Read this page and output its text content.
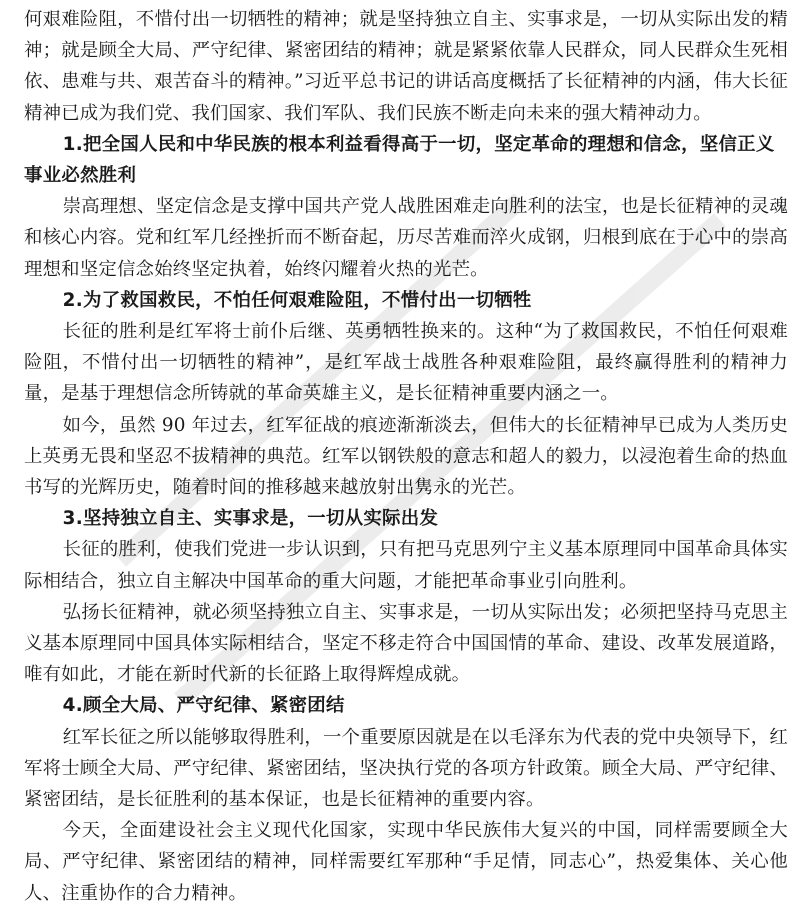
何艰难险阻，不惜付出一切牺牲的精神；就是坚持独立自主、实事求是，一切从实际出发的精神；就是顾全大局、严守纪律、紧密团结的精神；就是紧紧依靠人民群众，同人民群众生死相依、患难与共、艰苦奋斗的精神。”习近平总书记的讲话高度概括了长征精神的内涵，伟大长征精神已成为我们党、我们国家、我们军队、我们民族不断走向未来的强大精神动力。

1.把全国人民和中华民族的根本利益看得高于一切，坚定革命的理想和信念，坚信正义事业必然胜利

崇高理想、坚定信念是支撑中国共产党人战胜困难走向胜利的法宝，也是长征精神的灵魂和核心内容。党和红军几经挫折而不断奋起，历尽苦难而淬火成钢，归根到底在于心中的崇高理想和坚定信念始终坚定执着，始终闪耀着火热的光芒。

2.为了救国救民，不怕任何艰难险阻，不惜付出一切牺牲

长征的胜利是红军将士前仆后继、英勇牺牲换来的。这种“为了救国救民，不怕任何艰难险阻，不惜付出一切牺牲的精神”，是红军战士战胜各种艰难险阻，最终赢得胜利的精神力量，是基于理想信念所铸就的革命英雄主义，是长征精神重要内涵之一。

如今，虽然 90 年过去，红军征战的痕迹渐渐淡去，但伟大的长征精神早已成为人类历史上英勇无畏和坚忍不拔精神的典范。红军以钢铁般的意志和超人的毅力，以浸泡着生命的热血书写的光辉历史，随着时间的推移越来越放射出隽永的光芒。

3.坚持独立自主、实事求是，一切从实际出发

长征的胜利，使我们党进一步认识到，只有把马克思列宁主义基本原理同中国革命具体实际相结合，独立自主解决中国革命的重大问题，才能把革命事业引向胜利。

弘扬长征精神，就必须坚持独立自主、实事求是，一切从实际出发；必须把坚持马克思主义基本原理同中国具体实际相结合，坚定不移走符合中国国情的革命、建设、改革发展道路，唯有如此，才能在新时代新的长征路上取得辉煌成就。

4.顾全大局、严守纪律、紧密团结

红军长征之所以能够取得胜利，一个重要原因就是在以毛泽东为代表的党中央领导下，红军将士顾全大局、严守纪律、紧密团结，坚决执行党的各项方针政策。顾全大局、严守纪律、紧密团结，是长征胜利的基本保证，也是长征精神的重要内容。

今天，全面建设社会主义现代化国家，实现中华民族伟大复兴的中国，同样需要顾全大局、严守纪律、紧密团结的精神，同样需要红军那种“手足情，同志心”，热爱集体、关心他人、注重协作的合力精神。
